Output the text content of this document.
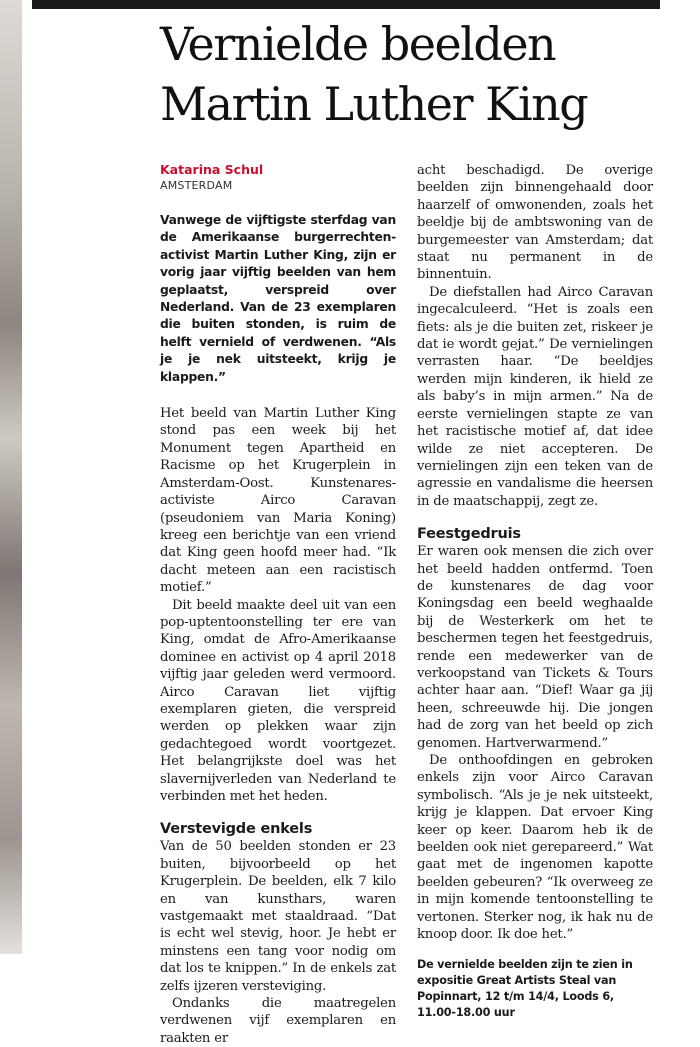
Vernielde beelden
Martin Luther King
Katarina Schul
AMSTERDAM

Vanwege de vijftigste sterfdag van de Amerikaanse burgerrechten-activist Martin Luther King, zijn er vorig jaar vijftig beelden van hem geplaatst, verspreid over Nederland. Van de 23 exemplaren die buiten stonden, is ruim de helft vernield of verdwenen. “Als je je nek uitsteekt, krijg je klappen.”

Het beeld van Martin Luther King stond pas een week bij het Monument tegen Apartheid en Racisme op het Krugerplein in Amsterdam-Oost. Kunstenares-activiste Airco Caravan (pseudoniem van Maria Koning) kreeg een berichtje van een vriend dat King geen hoofd meer had. “Ik dacht meteen aan een racistisch motief.”

Dit beeld maakte deel uit van een pop-uptentoonstelling ter ere van King, omdat de Afro-Amerikaanse dominee en activist op 4 april 2018 vijftig jaar geleden werd vermoord. Airco Caravan liet vijftig exemplaren gieten, die verspreid werden op plekken waar zijn gedachtegoed wordt voortgezet. Het belangrijkste doel was het slavernijverleden van Nederland te verbinden met het heden.

Verstevigde enkels

Van de 50 beelden stonden er 23 buiten, bijvoorbeeld op het Krugerplein. De beelden, elk 7 kilo en van kunsthars, waren vastgemaakt met staaldraad. “Dat is echt wel stevig, hoor. Je hebt er minstens een tang voor nodig om dat los te knippen.” In de enkels zat zelfs ijzeren versteviging.

Ondanks die maatregelen verdwenen vijf exemplaren en raakten er

acht beschadigd. De overige beelden zijn binnengehaald door haarzelf of omwonenden, zoals het beeldje bij de ambtswoning van de burgemeester van Amsterdam; dat staat nu permanent in de binnentuin.

De diefstallen had Airco Caravan ingecalculeerd. “Het is zoals een fiets: als je die buiten zet, riskeer je dat ie wordt gejat.” De vernielingen verrasten haar. “De beeldjes werden mijn kinderen, ik hield ze als baby’s in mijn armen.” Na de eerste vernielingen stapte ze van het racistische motief af, dat idee wilde ze niet accepteren. De vernielingen zijn een teken van de agressie en vandalisme die heersen in de maatschappij, zegt ze.

Feestgedruis

Er waren ook mensen die zich over het beeld hadden ontfermd. Toen de kunstenares de dag voor Koningsdag een beeld weghaalde bij de Westerkerk om het te beschermen tegen het feestgedruis, rende een medewerker van de verkoopstand van Tickets & Tours achter haar aan. “Dief! Waar ga jij heen, schreeuwde hij. Die jongen had de zorg van het beeld op zich genomen. Hartverwarmend.”

De onthoofdingen en gebroken enkels zijn voor Airco Caravan symbolisch. “Als je je nek uitsteekt, krijg je klappen. Dat ervoer King keer op keer. Daarom heb ik de beelden ook niet gerepareerd.” Wat gaat met de ingenomen kapotte beelden gebeuren? “Ik overweeg ze in mijn komende tentoonstelling te vertonen. Sterker nog, ik hak nu de knoop door. Ik doe het.”

De vernielde beelden zijn te zien in expositie Great Artists Steal van Popinnart, 12 t/m 14/4, Loods 6, 11.00-18.00 uur
